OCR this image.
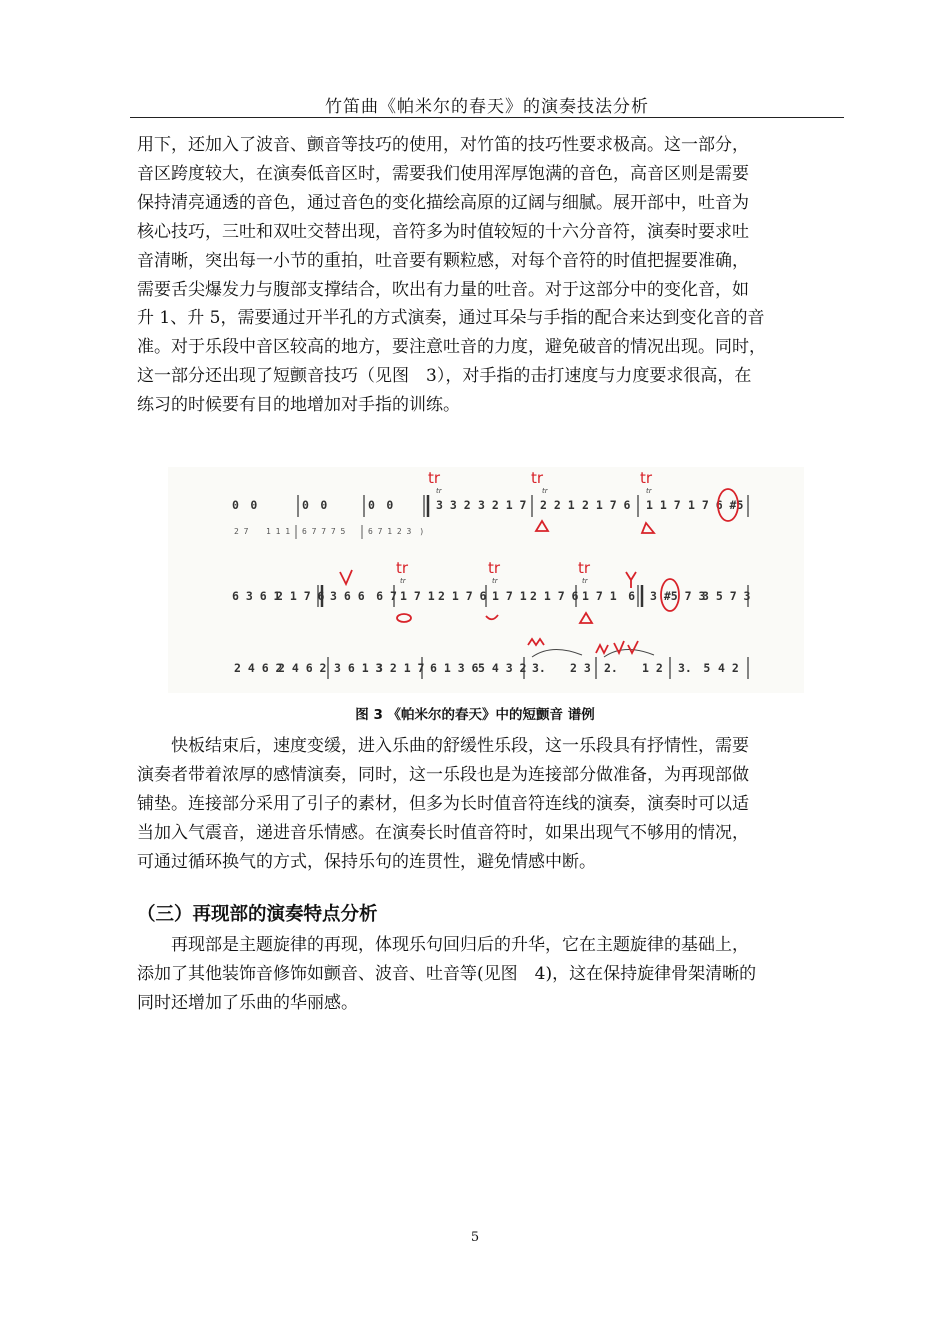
竹笛曲《帕米尔的春天》的演奏技法分析

用下，还加入了波音、颤音等技巧的使用，对竹笛的技巧性要求极高。这一部分，
音区跨度较大，在演奏低音区时，需要我们使用浑厚饱满的音色，高音区则是需要
保持清亮通透的音色，通过音色的变化描绘高原的辽阔与细腻。展开部中，吐音为
核心技巧，三吐和双吐交替出现，音符多为时值较短的十六分音符，演奏时要求吐
音清晰，突出每一小节的重拍，吐音要有颗粒感，对每个音符的时值把握要准确，
需要舌尖爆发力与腹部支撑结合，吹出有力量的吐音。对于这部分中的变化音，如
升 1、升 5，需要通过开半孔的方式演奏，通过耳朵与手指的配合来达到变化音的音
准。对于乐段中音区较高的地方，要注意吐音的力度，避免破音的情况出现。同时，
这一部分还出现了短颤音技巧（见图　3），对手指的击打速度与力度要求很高，在
练习的时候要有目的地增加对手指的训练。

0　0	0　0	0　0	3 3 2 3 2 1 7 2 2 1 2 1 7 6 1 1 7 1 7 6 #5
2 7 1 1 1 6 7 7 7 5	6 7 1 2 3　)
tr	tr	tr
tr	tr	tr
6 3 6 1
2 1 7 6 3 6 6　6 7 1 7 1 2 1 7 6 1 7 1 2 1 7 6 1 7 1　6 3 #5 7 3
3 5 7 3
tr	tr	tr
tr	tr	tr
2 4 6 2
2 4 6 2 3 6 1 3
3 2 1 7 6 1 3 6 5 4 3 2 3. 2 3 2. 1 2 3.　5 4 2
图 3 《帕米尔的春天》中的短颤音 谱例

快板结束后，速度变缓，进入乐曲的舒缓性乐段，这一乐段具有抒情性，需要
演奏者带着浓厚的感情演奏，同时，这一乐段也是为连接部分做准备，为再现部做
铺垫。连接部分采用了引子的素材，但多为长时值音符连线的演奏，演奏时可以适
当加入气震音，递进音乐情感。在演奏长时值音符时，如果出现气不够用的情况，
可通过循环换气的方式，保持乐句的连贯性，避免情感中断。

（三）再现部的演奏特点分析

再现部是主题旋律的再现，体现乐句回归后的升华，它在主题旋律的基础上，
添加了其他装饰音修饰如颤音、波音、吐音等(见图　4)，这在保持旋律骨架清晰的
同时还增加了乐曲的华丽感。

5
